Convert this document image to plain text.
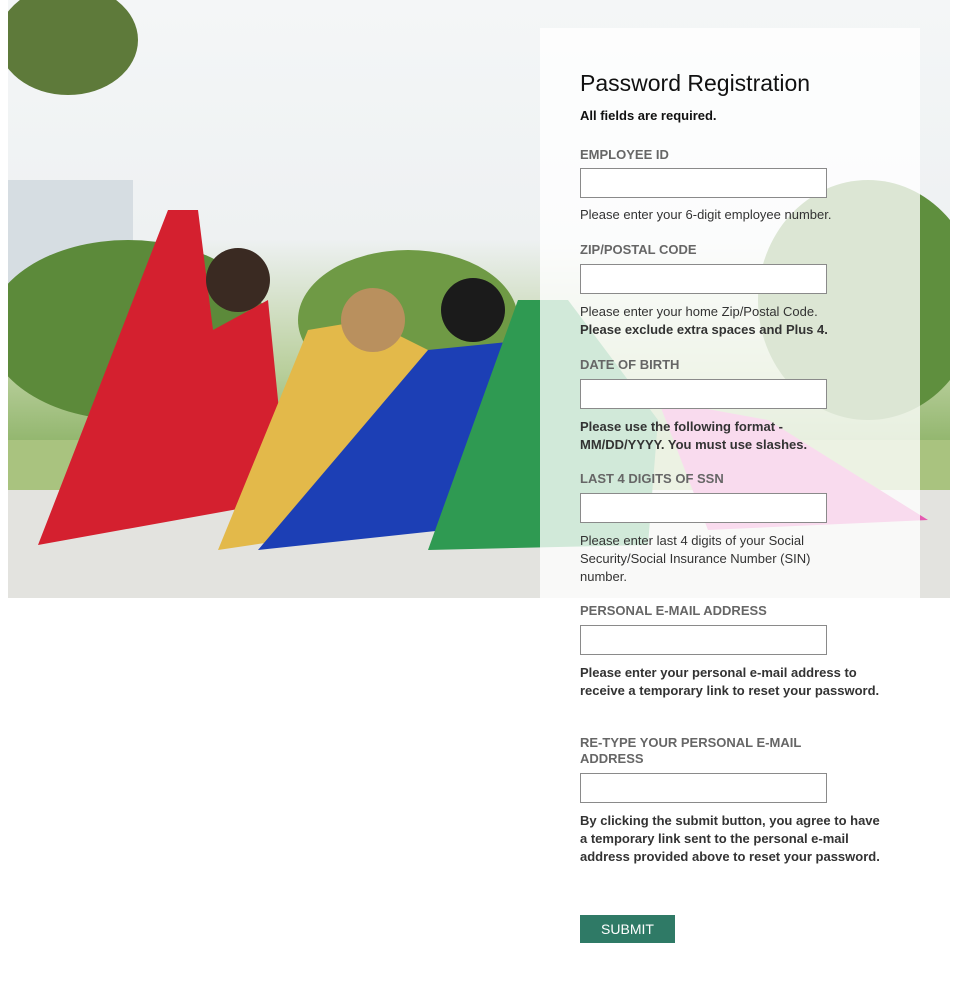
Password Registration
All fields are required.
EMPLOYEE ID
Please enter your 6-digit employee number.
ZIP/POSTAL CODE
Please enter your home Zip/Postal Code.
Please exclude extra spaces and Plus 4.
DATE OF BIRTH
Please use the following format - MM/DD/YYYY. You must use slashes.
LAST 4 DIGITS OF SSN
Please enter last 4 digits of your Social Security/Social Insurance Number (SIN) number.
PERSONAL E-MAIL ADDRESS
Please enter your personal e-mail address to receive a temporary link to reset your password.
RE-TYPE YOUR PERSONAL E-MAIL ADDRESS
By clicking the submit button, you agree to have a temporary link sent to the personal e-mail address provided above to reset your password.
SUBMIT
